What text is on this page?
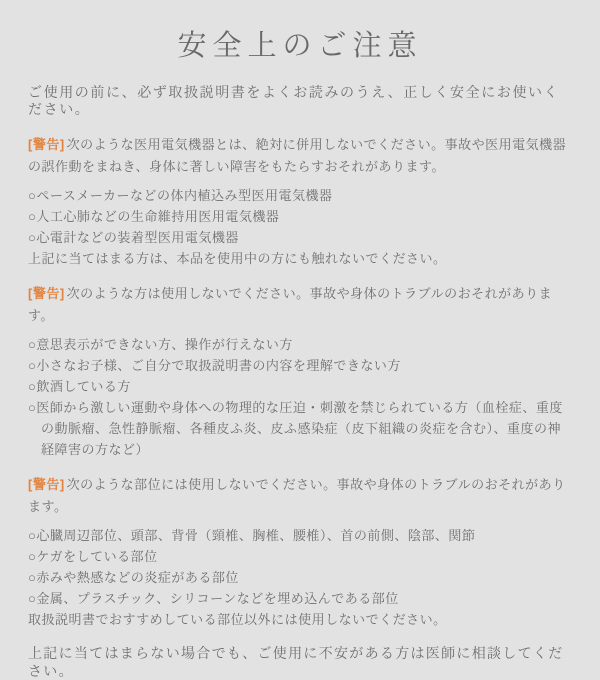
安全上のご注意

ご使用の前に、必ず取扱説明書をよくお読みのうえ、正しく安全にお使いください。

[警告] 次のような医用電気機器とは、絶対に併用しないでください。事故や医用電気機器の誤作動をまねき、身体に著しい障害をもたらすおそれがあります。

○ペースメーカーなどの体内植込み型医用電気機器
○人工心肺などの生命維持用医用電気機器
○心電計などの装着型医用電気機器

上記に当てはまる方は、本品を使用中の方にも触れないでください。

[警告] 次のような方は使用しないでください。事故や身体のトラブルのおそれがあります。

○意思表示ができない方、操作が行えない方
○小さなお子様、ご自分で取扱説明書の内容を理解できない方
○飲酒している方
○医師から激しい運動や身体への物理的な圧迫・刺激を禁じられている方（血栓症、重度の動脈瘤、急性静脈瘤、各種皮ふ炎、皮ふ感染症（皮下組織の炎症を含む）、重度の神経障害の方など）

[警告] 次のような部位には使用しないでください。事故や身体のトラブルのおそれがあります。

○心臓周辺部位、頭部、背骨（頸椎、胸椎、腰椎）、首の前側、陰部、関節
○ケガをしている部位
○赤みや熱感などの炎症がある部位
○金属、プラスチック、シリコーンなどを埋め込んである部位

取扱説明書でおすすめしている部位以外には使用しないでください。

上記に当てはまらない場合でも、ご使用に不安がある方は医師に相談してください。
